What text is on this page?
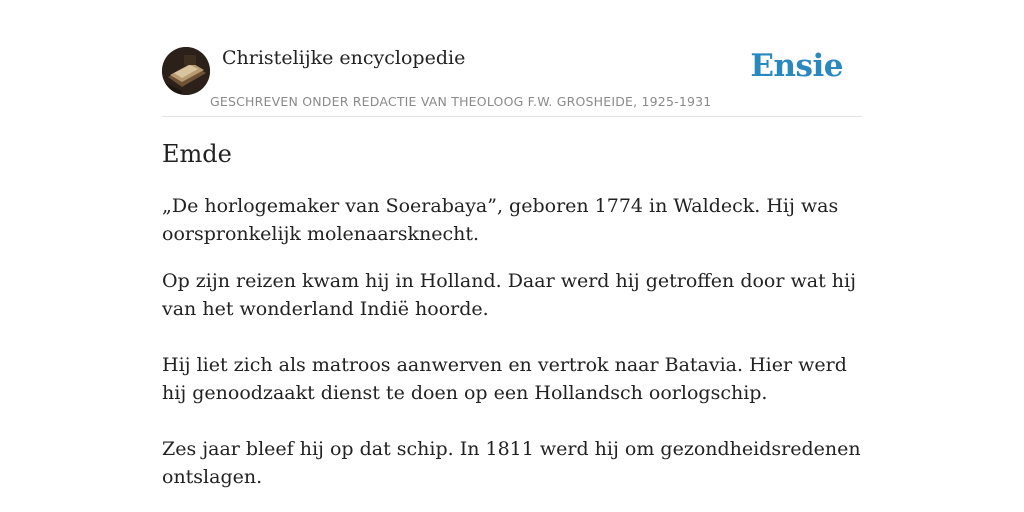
Christelijke encyclopedie
GESCHREVEN ONDER REDACTIE VAN THEOLOOG F.W. GROSHEIDE, 1925-1931
Ensie
Emde

„De horlogemaker van Soerabaya”, geboren 1774 in Waldeck. Hij was oorspronkelijk molenaarsknecht.

Op zijn reizen kwam hij in Holland. Daar werd hij getroffen door wat hij van het wonderland Indië hoorde.

Hij liet zich als matroos aanwerven en vertrok naar Batavia. Hier werd hij genoodzaakt dienst te doen op een Hollandsch oorlogschip.

Zes jaar bleef hij op dat schip. In 1811 werd hij om gezondheidsredenen ontslagen.
